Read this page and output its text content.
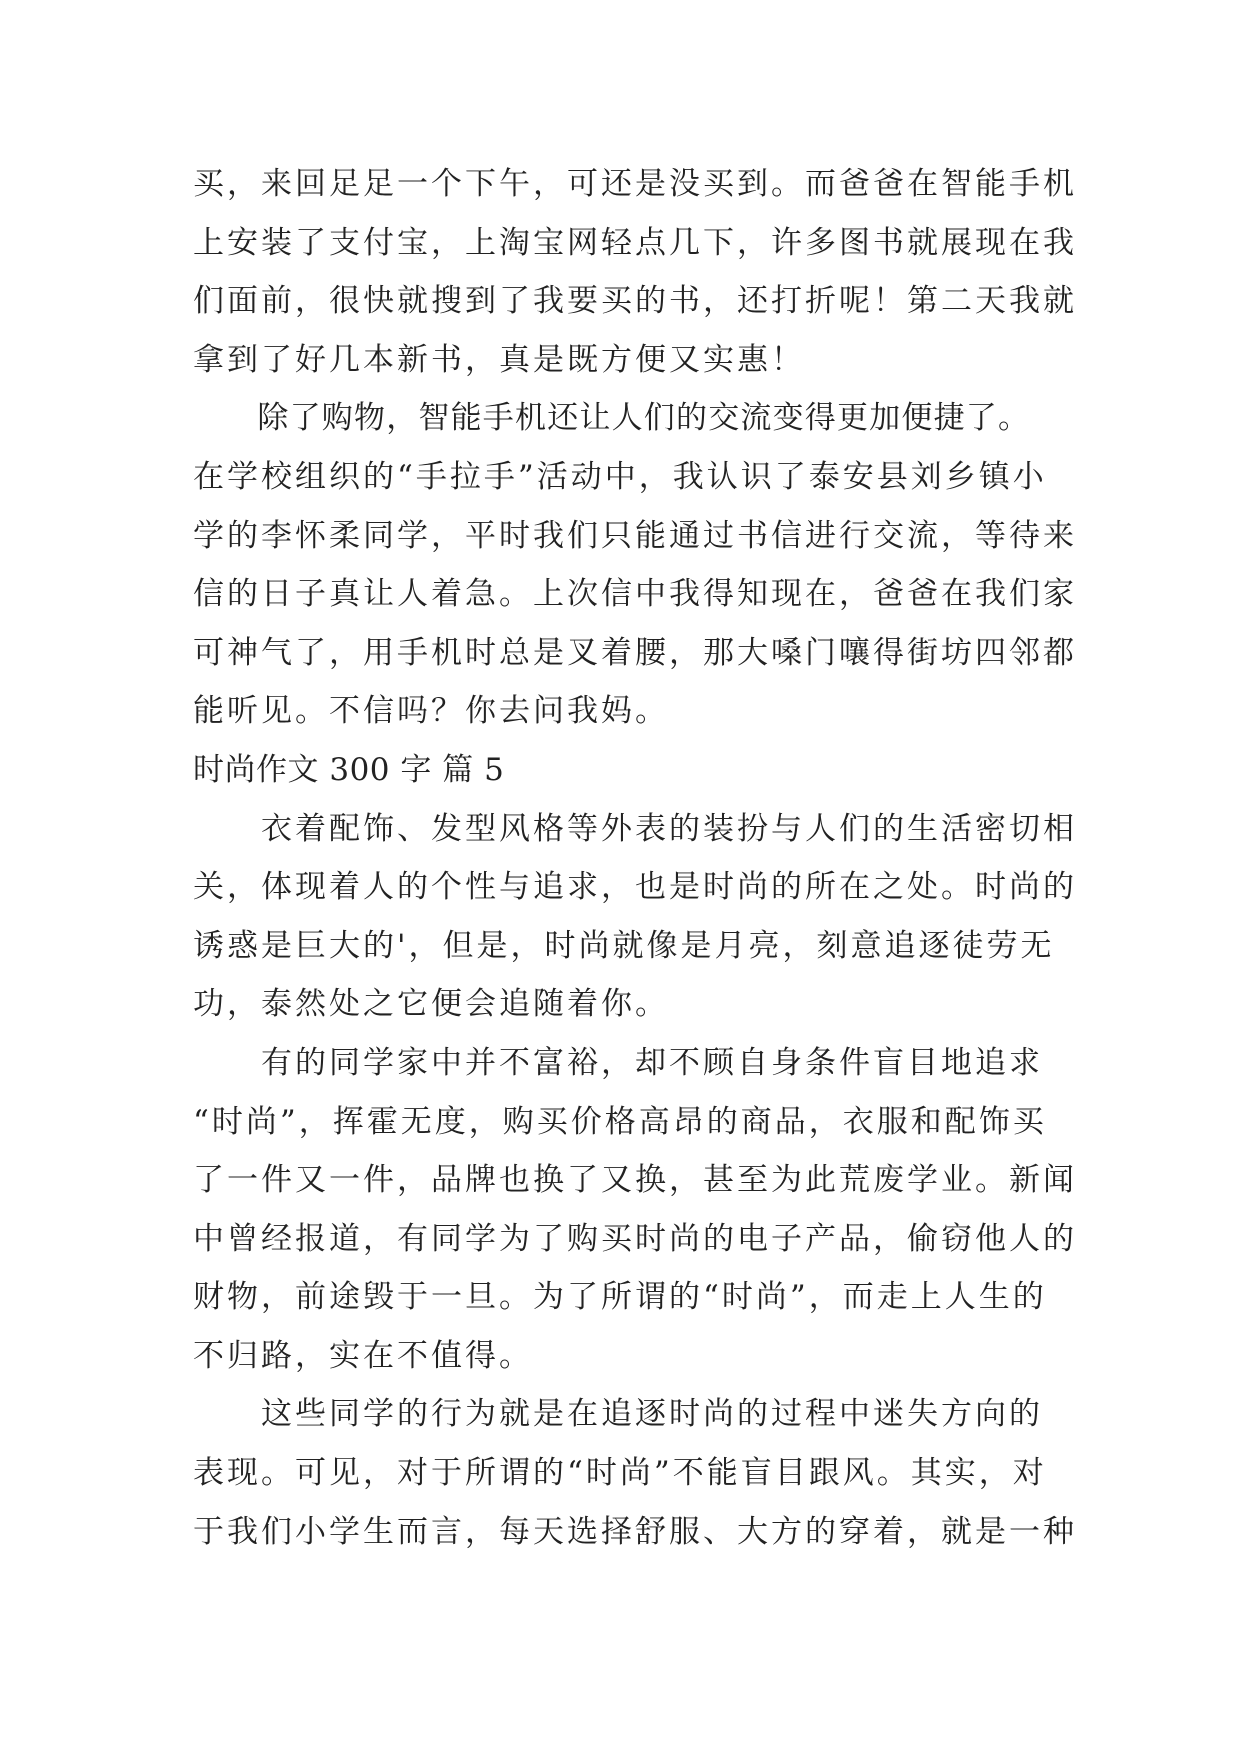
买，来回足足一个下午，可还是没买到。而爸爸在智能手机
上安装了支付宝，上淘宝网轻点几下，许多图书就展现在我
们面前，很快就搜到了我要买的书，还打折呢！第二天我就
拿到了好几本新书，真是既方便又实惠！
　　除了购物，智能手机还让人们的交流变得更加便捷了。
在学校组织的“手拉手”活动中，我认识了泰安县刘乡镇小
学的李怀柔同学，平时我们只能通过书信进行交流，等待来
信的日子真让人着急。上次信中我得知现在，爸爸在我们家
可神气了，用手机时总是叉着腰，那大嗓门嚷得街坊四邻都
能听见。不信吗？你去问我妈。
时尚作文 300 字 篇 5
　　衣着配饰、发型风格等外表的装扮与人们的生活密切相
关，体现着人的个性与追求，也是时尚的所在之处。时尚的
诱惑是巨大的'，但是，时尚就像是月亮，刻意追逐徒劳无
功，泰然处之它便会追随着你。
　　有的同学家中并不富裕，却不顾自身条件盲目地追求
“时尚”，挥霍无度，购买价格高昂的商品，衣服和配饰买
了一件又一件，品牌也换了又换，甚至为此荒废学业。新闻
中曾经报道，有同学为了购买时尚的电子产品，偷窃他人的
财物，前途毁于一旦。为了所谓的“时尚”，而走上人生的
不归路，实在不值得。
　　这些同学的行为就是在追逐时尚的过程中迷失方向的
表现。可见，对于所谓的“时尚”不能盲目跟风。其实，对
于我们小学生而言，每天选择舒服、大方的穿着，就是一种
